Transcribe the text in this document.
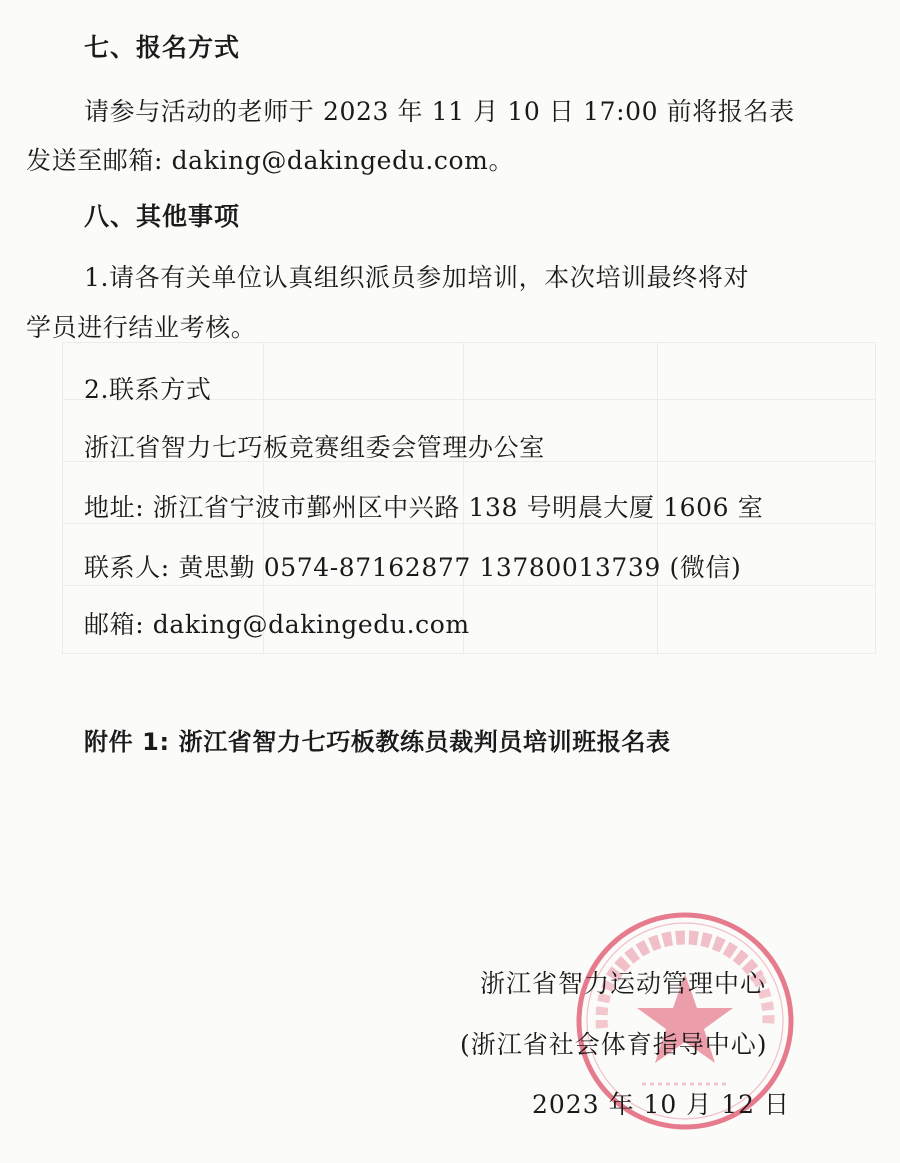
七、报名方式
请参与活动的老师于 2023 年 11 月 10 日 17:00 前将报名表
发送至邮箱: daking@dakingedu.com。
八、其他事项
1.请各有关单位认真组织派员参加培训，本次培训最终将对
学员进行结业考核。
2.联系方式
浙江省智力七巧板竞赛组委会管理办公室
地址: 浙江省宁波市鄞州区中兴路 138 号明晨大厦 1606 室
联系人: 黄思勤 0574-87162877 13780013739 (微信)
邮箱: daking@dakingedu.com
附件 1: 浙江省智力七巧板教练员裁判员培训班报名表
浙江省智力运动管理中心
(浙江省社会体育指导中心)
2023 年 10 月 12 日
